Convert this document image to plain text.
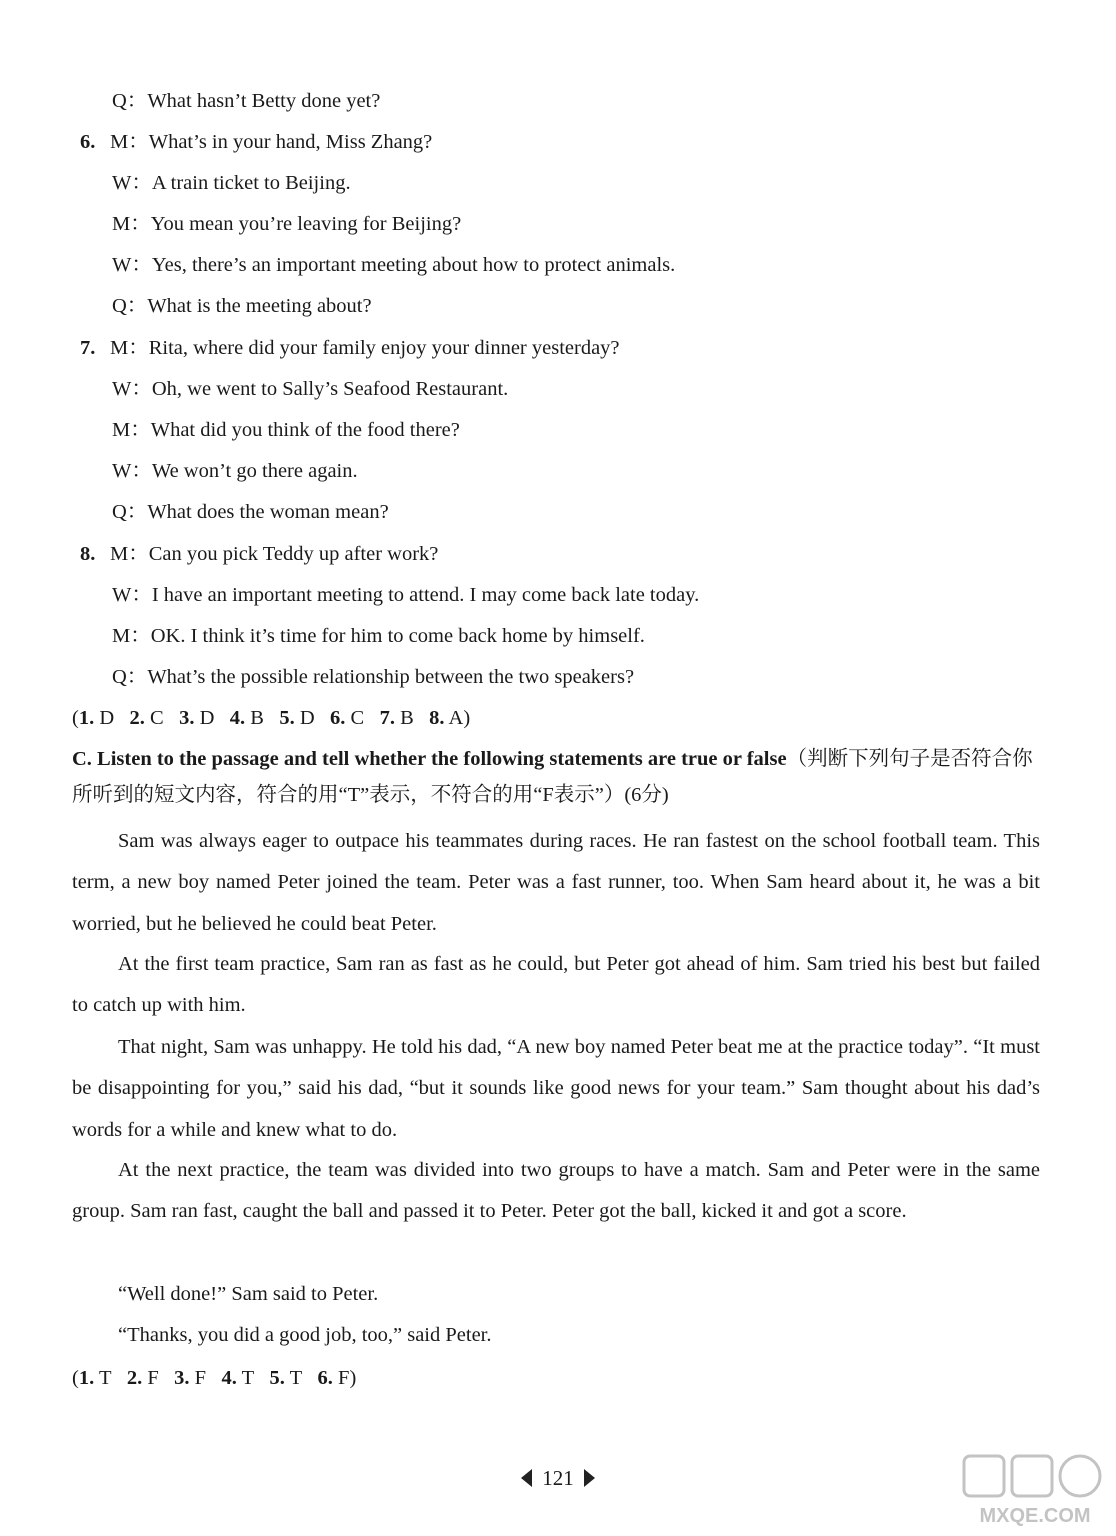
Q：What hasn’t Betty done yet?
6. M：What’s in your hand, Miss Zhang?
W：A train ticket to Beijing.
M：You mean you’re leaving for Beijing?
W：Yes, there’s an important meeting about how to protect animals.
Q：What is the meeting about?
7. M：Rita, where did your family enjoy your dinner yesterday?
W：Oh, we went to Sally’s Seafood Restaurant.
M：What did you think of the food there?
W：We won’t go there again.
Q：What does the woman mean?
8. M：Can you pick Teddy up after work?
W：I have an important meeting to attend. I may come back late today.
M：OK. I think it’s time for him to come back home by himself.
Q：What’s the possible relationship between the two speakers?
(1. D 2. C 3. D 4. B 5. D 6. C 7. B 8. A)
C. Listen to the passage and tell whether the following statements are true or false（判断下列句子是否符合你所听到的短文内容，符合的用“T”表示，不符合的用“F表示”）(6分)
Sam was always eager to outpace his teammates during races. He ran fastest on the school football team. This term, a new boy named Peter joined the team. Peter was a fast runner, too. When Sam heard about it, he was a bit worried, but he believed he could beat Peter.
At the first team practice, Sam ran as fast as he could, but Peter got ahead of him. Sam tried his best but failed to catch up with him.
That night, Sam was unhappy. He told his dad, “A new boy named Peter beat me at the practice today”. “It must be disappointing for you,” said his dad, “but it sounds like good news for your team.” Sam thought about his dad’s words for a while and knew what to do.
At the next practice, the team was divided into two groups to have a match. Sam and Peter were in the same group. Sam ran fast, caught the ball and passed it to Peter. Peter got the ball, kicked it and got a score.
“Well done!” Sam said to Peter.
“Thanks, you did a good job, too,” said Peter.
(1. T 2. F 3. F 4. T 5. T 6. F)
121
MXQE.COM
